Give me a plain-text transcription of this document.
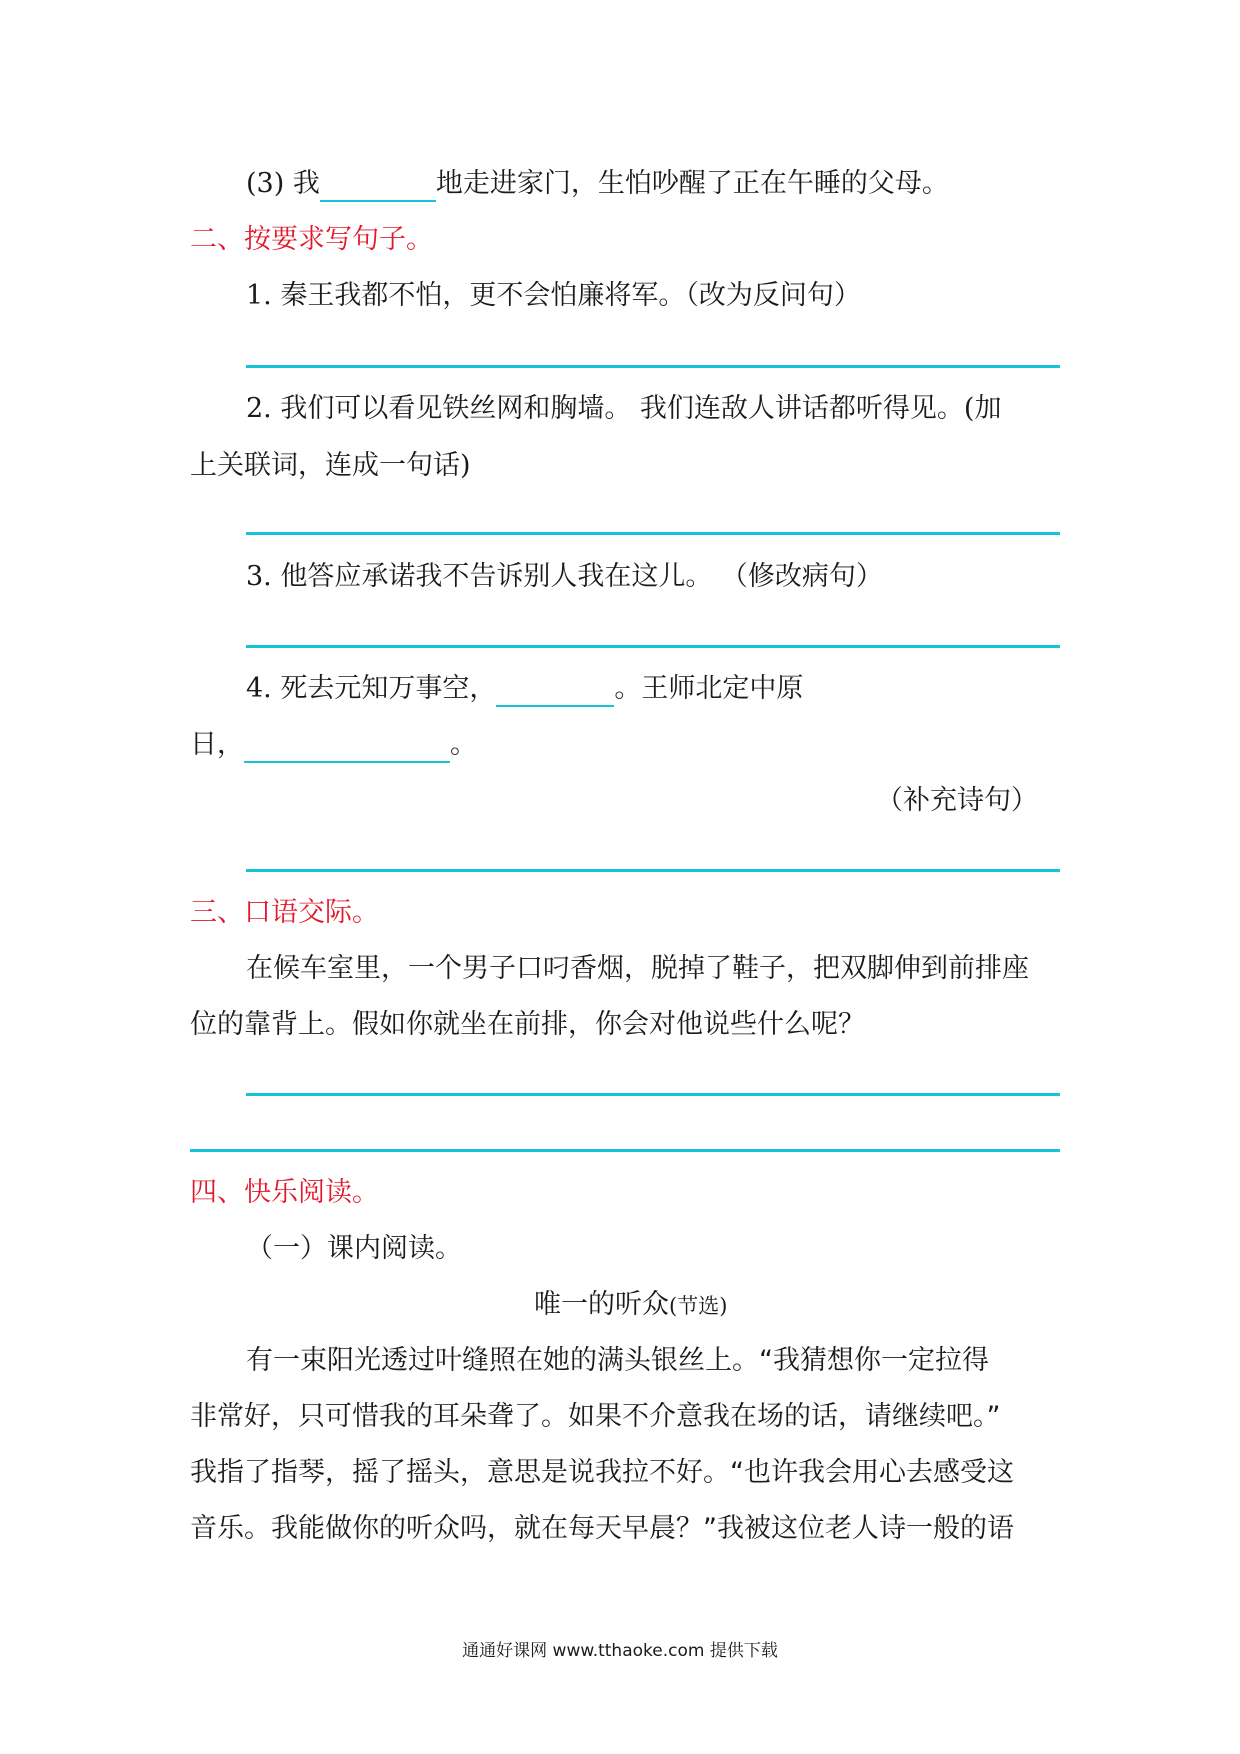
(3) 我	地走进家门，生怕吵醒了正在午睡的父母。
二、按要求写句子。
1. 秦王我都不怕，更不会怕廉将军。（改为反问句）
2. 我们可以看见铁丝网和胸墙。 我们连敌人讲话都听得见。(加
上关联词，连成一句话)
3. 他答应承诺我不告诉别人我在这儿。 （修改病句）
4. 死去元知万事空，	。王师北定中原
日，	。
（补充诗句）
三、口语交际。
在候车室里，一个男子口叼香烟，脱掉了鞋子，把双脚伸到前排座
位的靠背上。假如你就坐在前排，你会对他说些什么呢？
四、快乐阅读。
（一）课内阅读。
唯一的听众(节选)
有一束阳光透过叶缝照在她的满头银丝上。“我猜想你一定拉得
非常好，只可惜我的耳朵聋了。如果不介意我在场的话，请继续吧。”
我指了指琴，摇了摇头，意思是说我拉不好。“也许我会用心去感受这
音乐。我能做你的听众吗，就在每天早晨？”我被这位老人诗一般的语
通通好课网 www.tthaoke.com 提供下载
